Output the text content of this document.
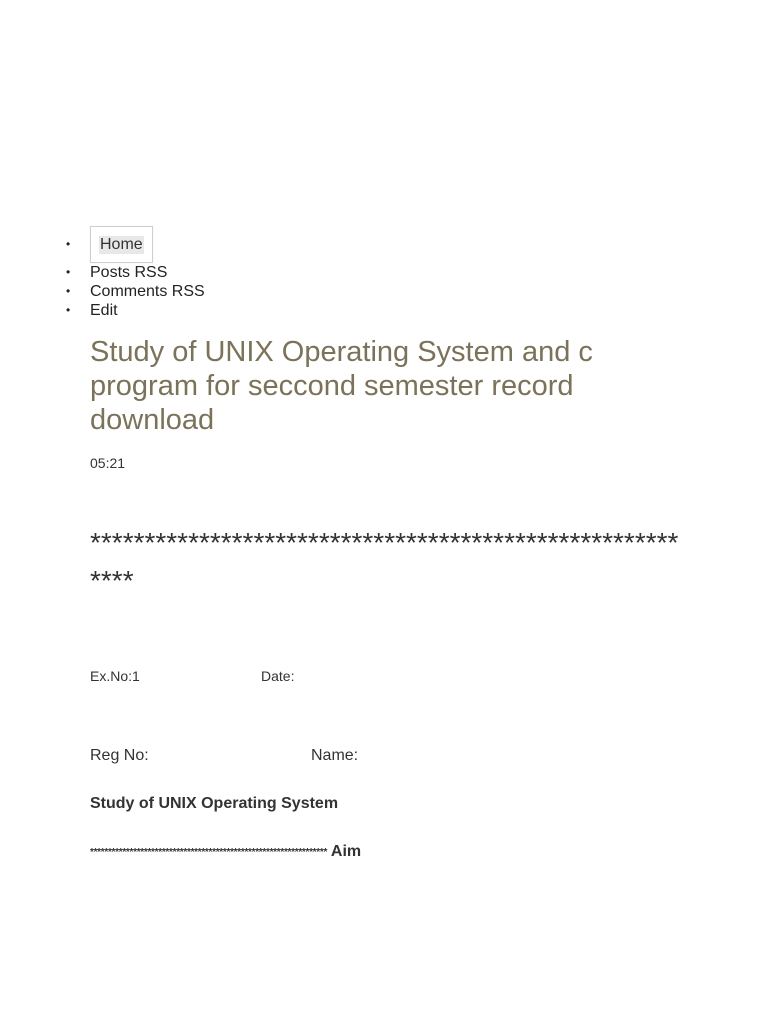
• Home
• Posts RSS
• Comments RSS
• Edit
Study of UNIX Operating System and c program for seccond semester record download
05:21
**********************************************************
Ex.No:1	Date:
Reg No:	Name:
Study of UNIX Operating System
****************************************************************** Aim
